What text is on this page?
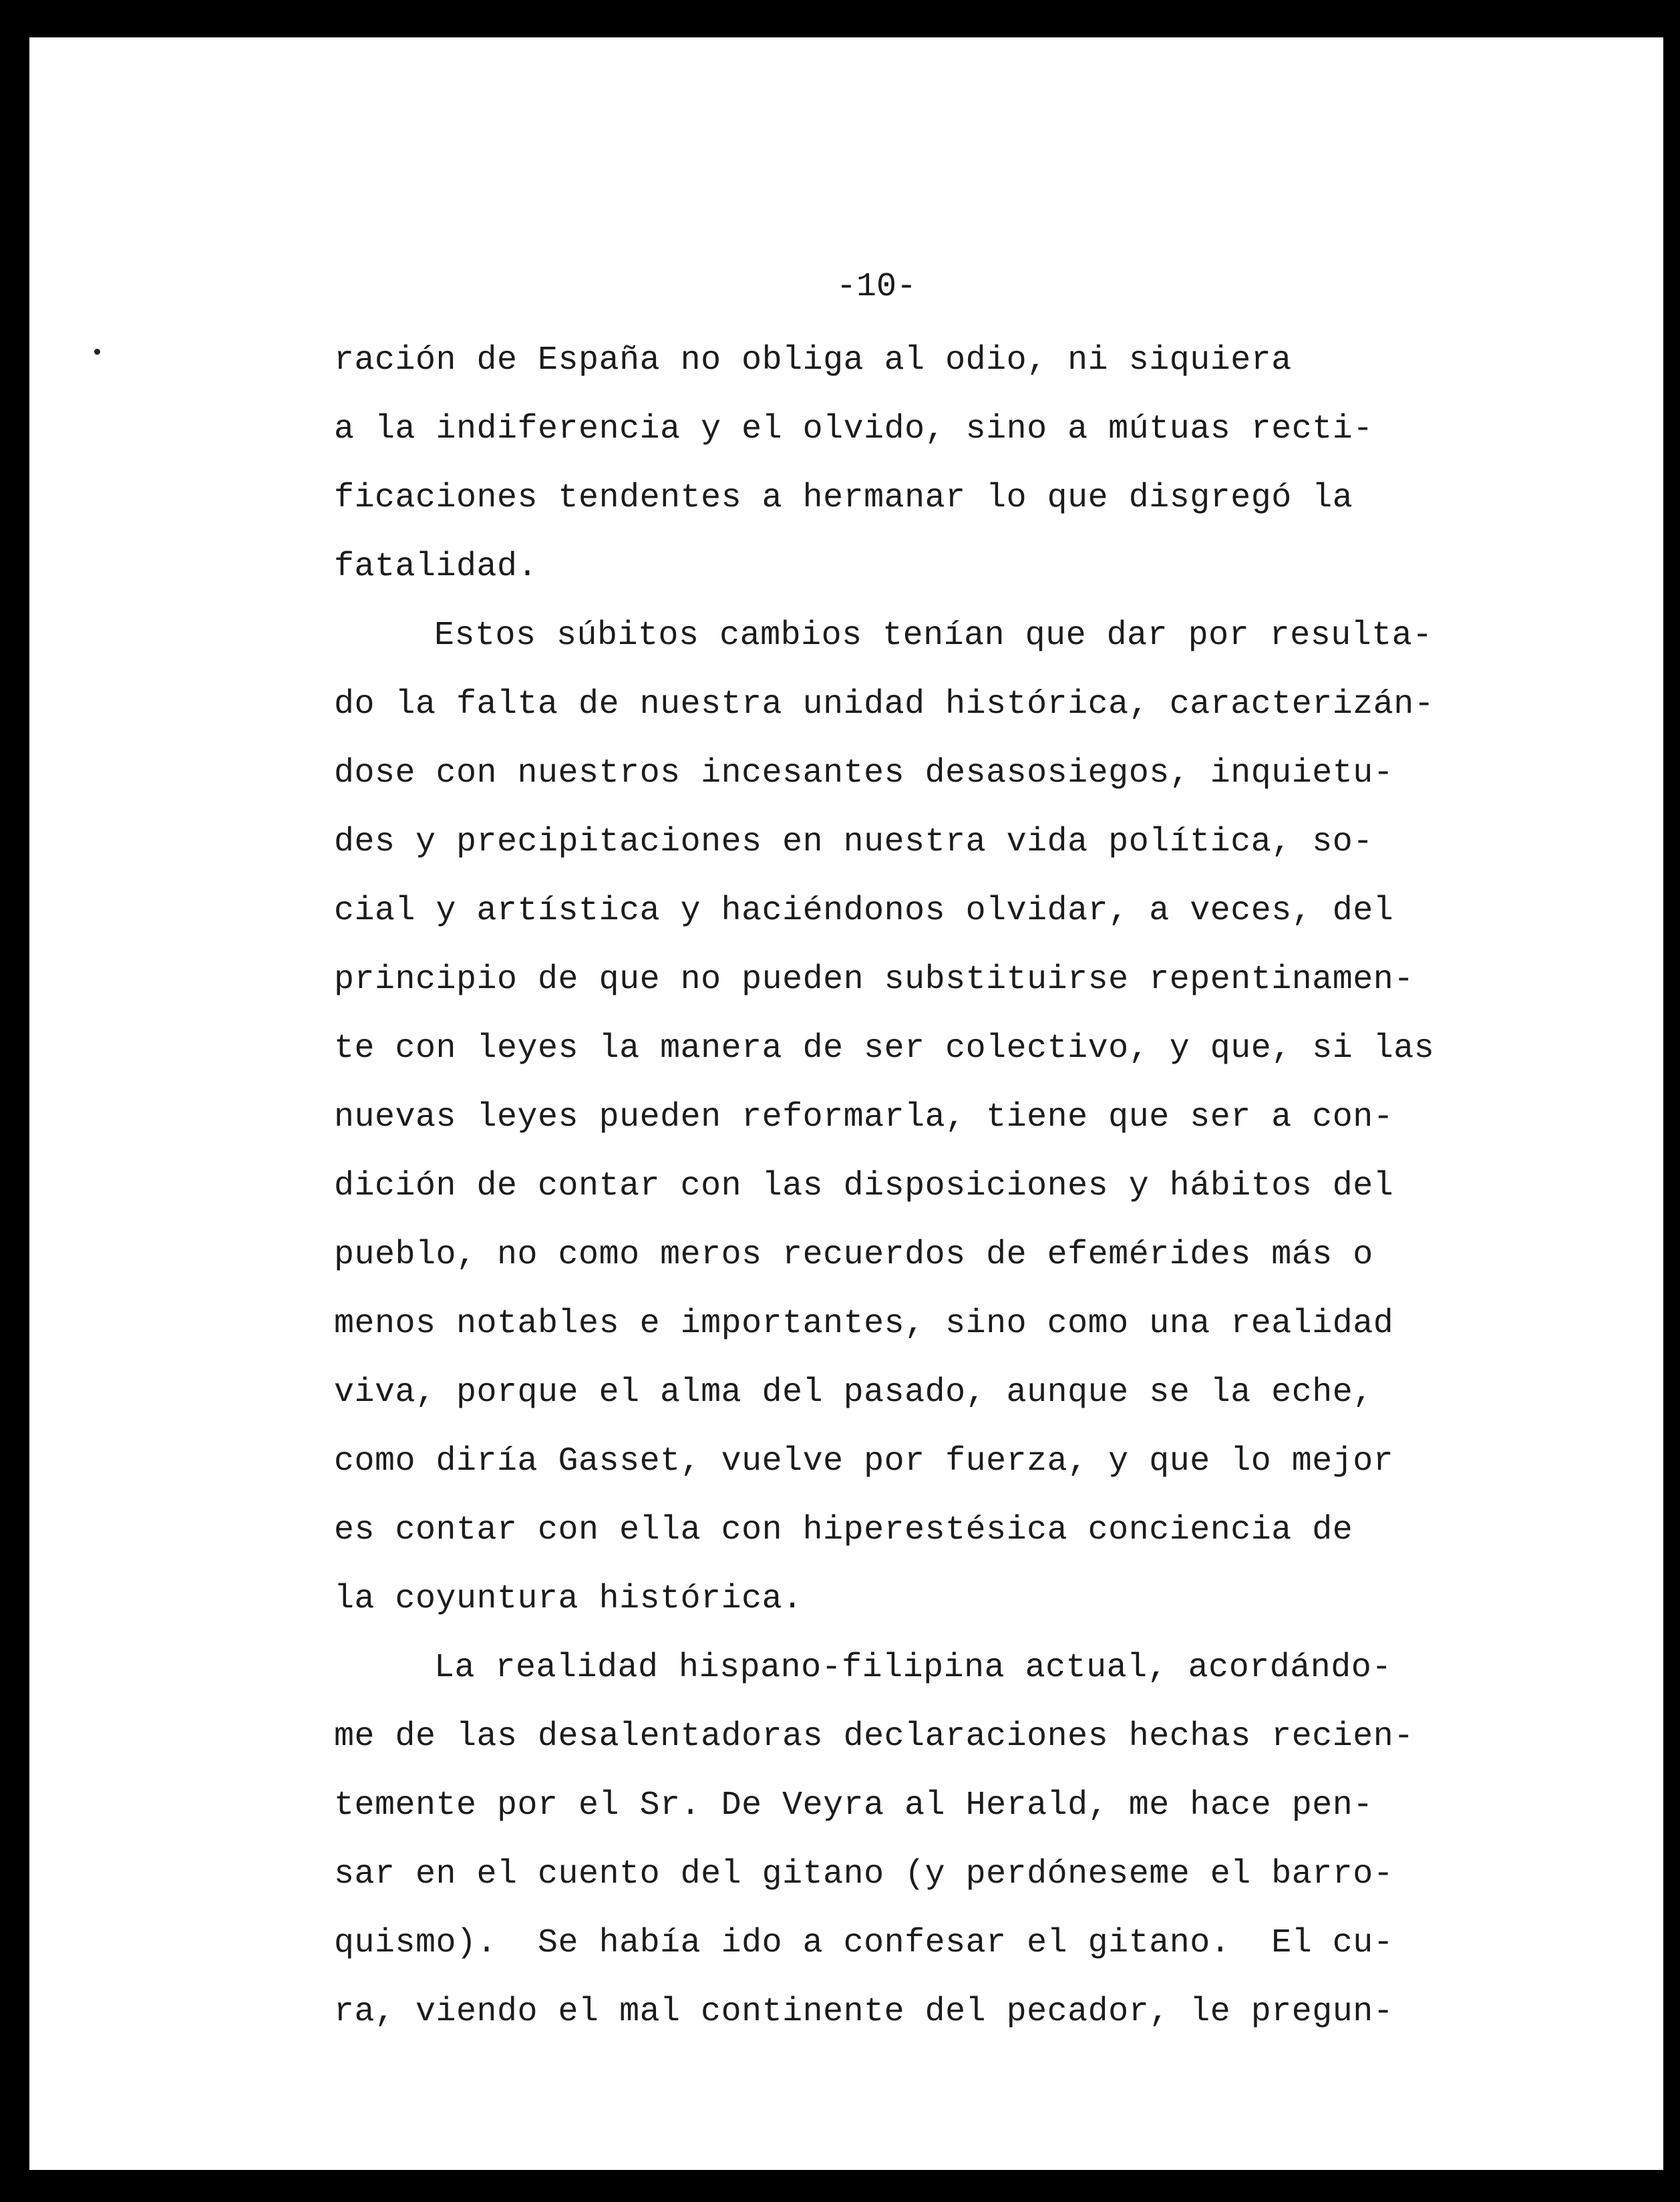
-10-
ración de España no obliga al odio, ni siquiera
a la indiferencia y el olvido, sino a mútuas recti-
ficaciones tendentes a hermanar lo que disgregó la
fatalidad.
Estos súbitos cambios tenían que dar por resulta-
do la falta de nuestra unidad histórica, caracterizán-
dose con nuestros incesantes desasosiegos, inquietu-
des y precipitaciones en nuestra vida política, so-
cial y artística y haciéndonos olvidar, a veces, del
principio de que no pueden substituirse repentinamen-
te con leyes la manera de ser colectivo, y que, si las
nuevas leyes pueden reformarla, tiene que ser a con-
dición de contar con las disposiciones y hábitos del
pueblo, no como meros recuerdos de efemérides más o
menos notables e importantes, sino como una realidad
viva, porque el alma del pasado, aunque se la eche,
como diría Gasset, vuelve por fuerza, y que lo mejor
es contar con ella con hiperestésica conciencia de
la coyuntura histórica.
La realidad hispano-filipina actual, acordándo-
me de las desalentadoras declaraciones hechas recien-
temente por el Sr. De Veyra al Herald, me hace pen-
sar en el cuento del gitano (y perdóneseme el barro-
quismo).  Se había ido a confesar el gitano.  El cu-
ra, viendo el mal continente del pecador, le pregun-
